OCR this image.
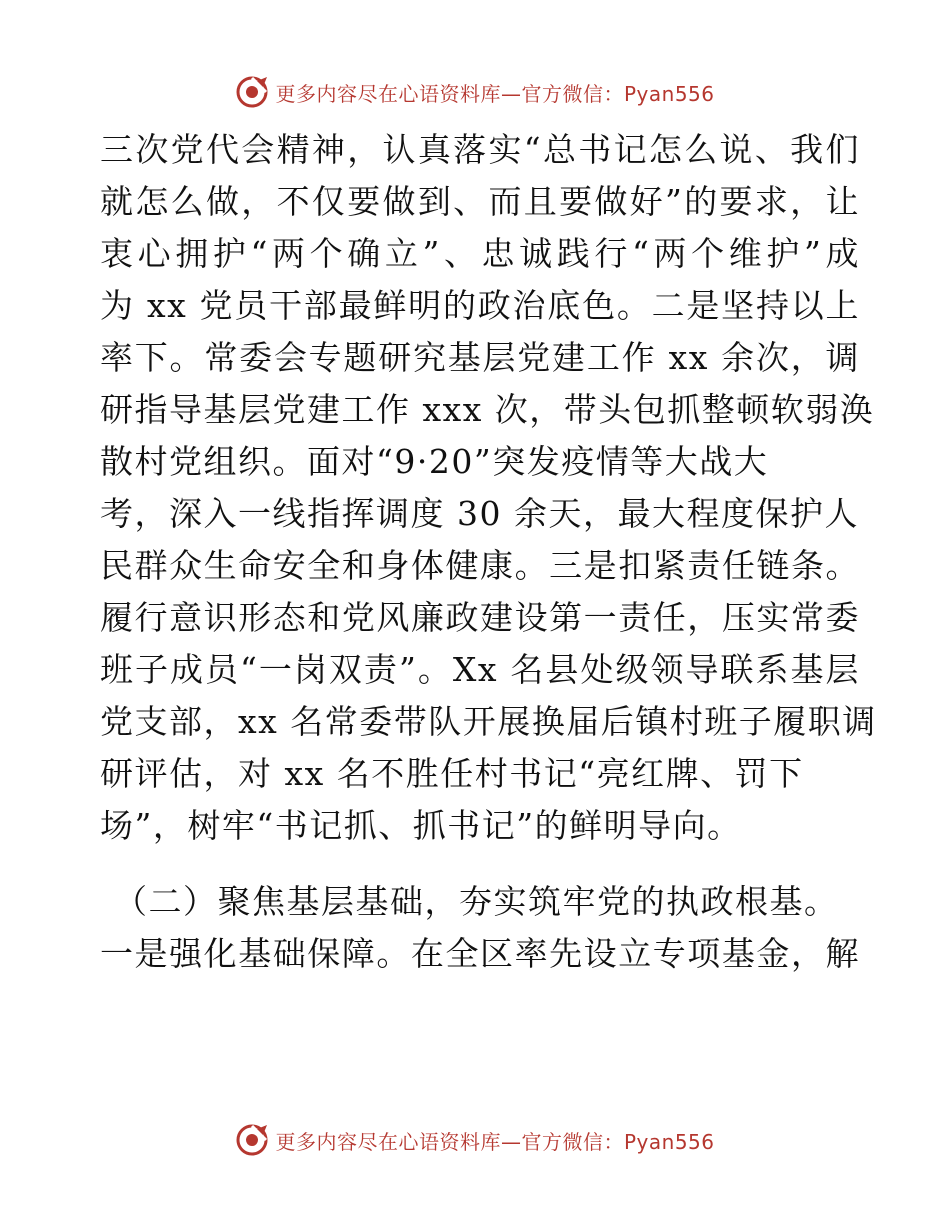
更多内容尽在心语资料库—官方微信：Pyan556
三次党代会精神，认真落实“总书记怎么说、我们
就怎么做，不仅要做到、而且要做好”的要求，让
衷心拥护“两个确立”、忠诚践行“两个维护”成
为 xx 党员干部最鲜明的政治底色。二是坚持以上
率下。常委会专题研究基层党建工作 xx 余次，调
研指导基层党建工作 xxx 次，带头包抓整顿软弱涣
散村党组织。面对“9·20”突发疫情等大战大
考，深入一线指挥调度 30 余天，最大程度保护人
民群众生命安全和身体健康。三是扣紧责任链条。
履行意识形态和党风廉政建设第一责任，压实常委
班子成员“一岗双责”。Xx 名县处级领导联系基层
党支部，xx 名常委带队开展换届后镇村班子履职调
研评估，对 xx 名不胜任村书记“亮红牌、罚下
场”，树牢“书记抓、抓书记”的鲜明导向。
（二）聚焦基层基础，夯实筑牢党的执政根基。
一是强化基础保障。在全区率先设立专项基金，解
更多内容尽在心语资料库—官方微信：Pyan556
